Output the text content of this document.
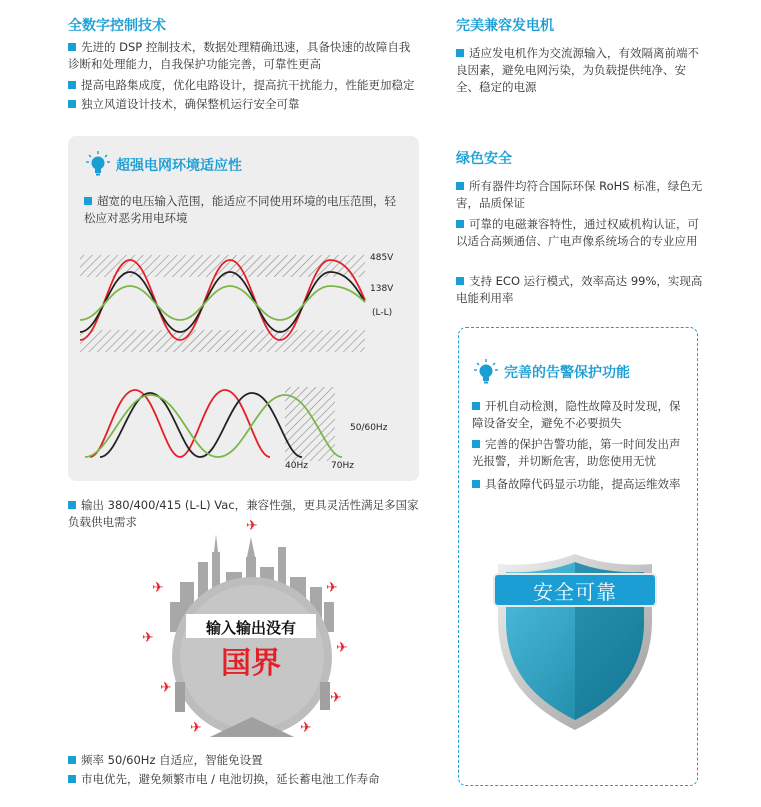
全数字控制技术
先进的 DSP 控制技术，数据处理精确迅速，具备快速的故障自我诊断和处理能力，自我保护功能完善，可靠性更高
提高电路集成度，优化电路设计，提高抗干扰能力，性能更加稳定
独立风道设计技术，确保整机运行安全可靠
超强电网环境适应性
超宽的电压输入范围，能适应不同使用环境的电压范围，轻松应对恶劣用电环境
485V
138V
(L-L)
50/60Hz
40Hz	70Hz
输出 380/400/415 (L-L) Vac，兼容性强，更具灵活性满足多国家负载供电需求	✈
✈	✈
✈
✈
✈
✈
✈	✈
输入输出没有
国界
频率 50/60Hz 自适应，智能免设置
市电优先，避免频繁市电 / 电池切换，延长蓄电池工作寿命
完美兼容发电机
适应发电机作为交流源输入，有效隔离前端不良因素，避免电网污染，为负载提供纯净、安全、稳定的电源
绿色安全
所有器件均符合国际环保 RoHS 标准，绿色无害，品质保证
可靠的电磁兼容特性，通过权威机构认证，可以适合高频通信、广电声像系统场合的专业应用
支持 ECO 运行模式，效率高达 99%，实现高电能利用率
完善的告警保护功能
开机自动检测，隐性故障及时发现，保障设备安全，避免不必要损失
完善的保护告警功能，第一时间发出声光报警，并切断危害，助您使用无忧
具备故障代码显示功能，提高运维效率
安全可靠
